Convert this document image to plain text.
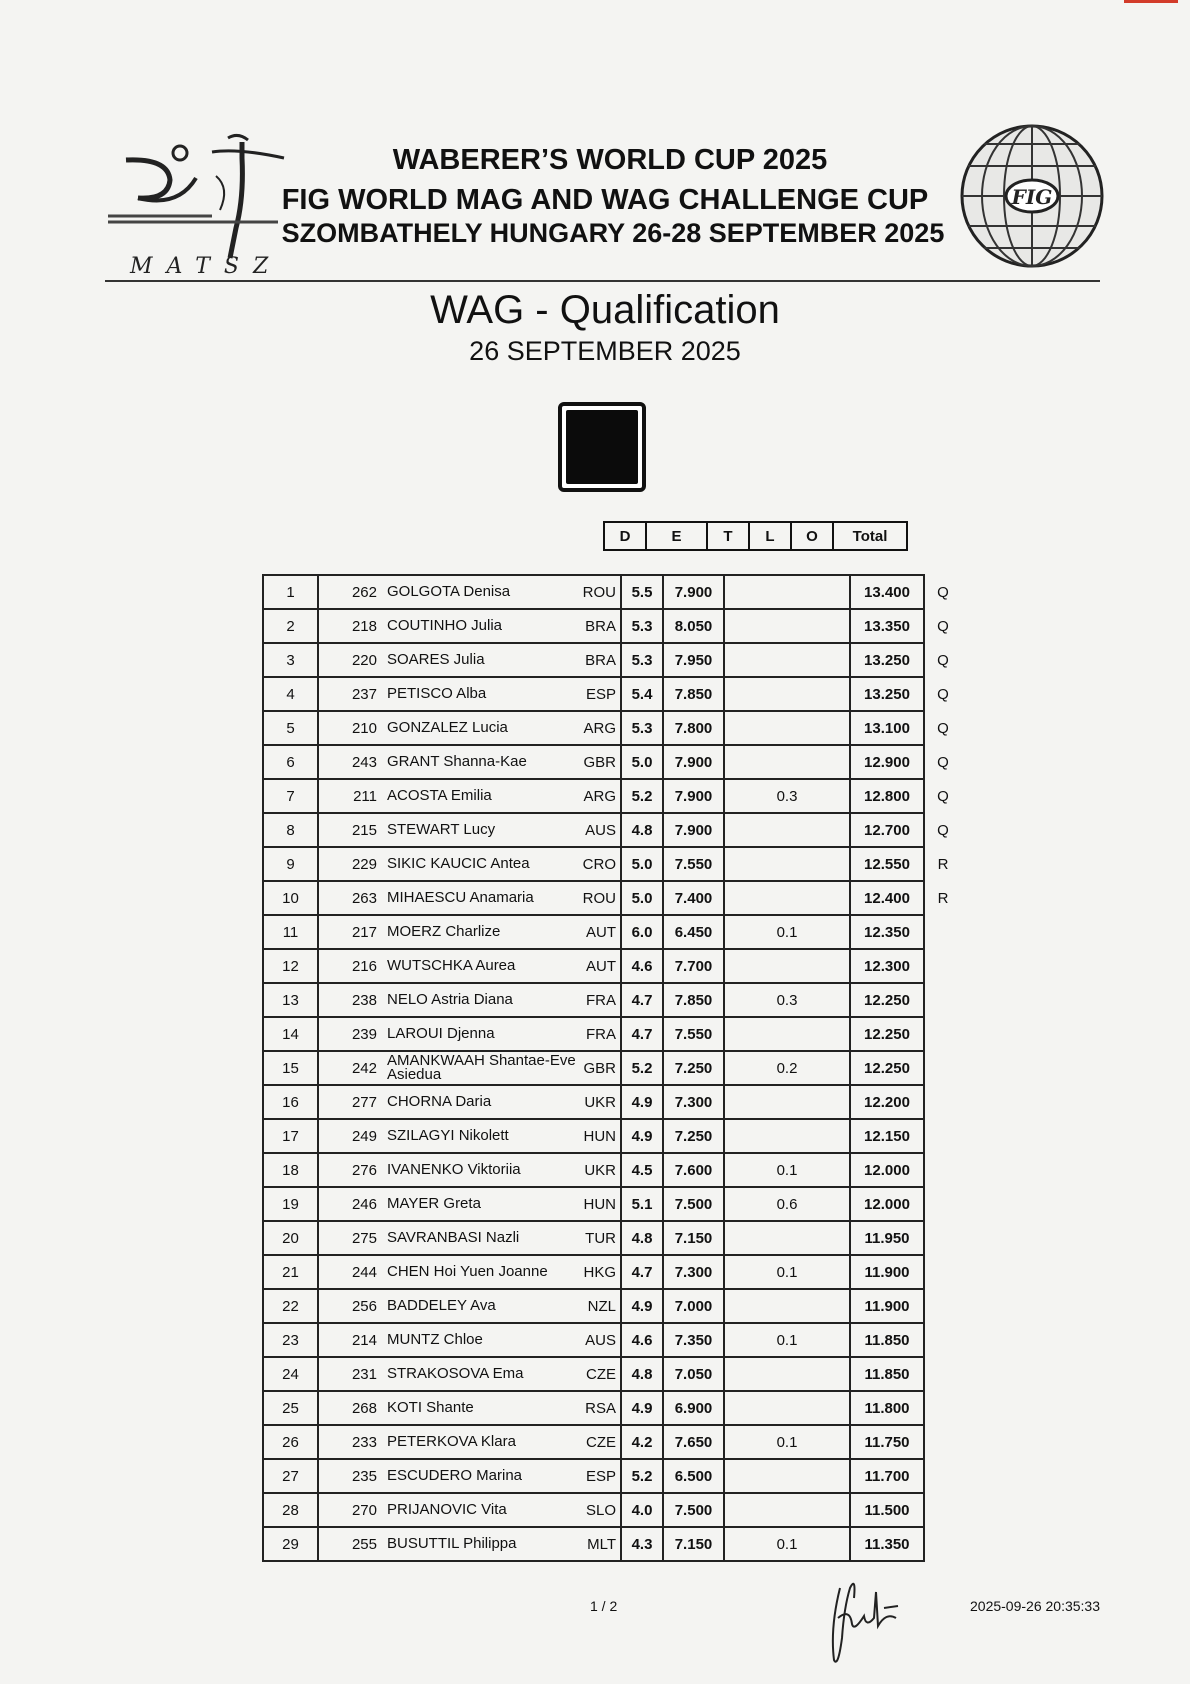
MATSZ
WABERER’S WORLD CUP 2025
FIG WORLD MAG AND WAG CHALLENGE CUP
SZOMBATHELY HUNGARY 26-28 SEPTEMBER 2025
FIG
WAG - Qualification
26 SEPTEMBER 2025
D	E	T	L	O	Total
1	262	GOLGOTA Denisa	ROU	5.5	7.900		13.400	Q
2	218	COUTINHO Julia	BRA	5.3	8.050		13.350	Q
3	220	SOARES Julia	BRA	5.3	7.950		13.250	Q
4	237	PETISCO Alba	ESP	5.4	7.850		13.250	Q
5	210	GONZALEZ Lucia	ARG	5.3	7.800		13.100	Q
6	243	GRANT Shanna-Kae	GBR	5.0	7.900		12.900	Q
7	211	ACOSTA Emilia	ARG	5.2	7.900	0.3	12.800	Q
8	215	STEWART Lucy	AUS	4.8	7.900		12.700	Q
9	229	SIKIC KAUCIC Antea	CRO	5.0	7.550		12.550	R
10	263	MIHAESCU Anamaria	ROU	5.0	7.400		12.400	R
11	217	MOERZ Charlize	AUT	6.0	6.450	0.1	12.350	
12	216	WUTSCHKA Aurea	AUT	4.6	7.700		12.300	
13	238	NELO Astria Diana	FRA	4.7	7.850	0.3	12.250	
14	239	LAROUI Djenna	FRA	4.7	7.550		12.250	
15	242	AMANKWAAH Shantae-Eve Asiedua	GBR	5.2	7.250	0.2	12.250	
16	277	CHORNA Daria	UKR	4.9	7.300		12.200	
17	249	SZILAGYI Nikolett	HUN	4.9	7.250		12.150	
18	276	IVANENKO Viktoriia	UKR	4.5	7.600	0.1	12.000	
19	246	MAYER Greta	HUN	5.1	7.500	0.6	12.000	
20	275	SAVRANBASI Nazli	TUR	4.8	7.150		11.950	
21	244	CHEN Hoi Yuen Joanne	HKG	4.7	7.300	0.1	11.900	
22	256	BADDELEY Ava	NZL	4.9	7.000		11.900	
23	214	MUNTZ Chloe	AUS	4.6	7.350	0.1	11.850	
24	231	STRAKOSOVA Ema	CZE	4.8	7.050		11.850	
25	268	KOTI Shante	RSA	4.9	6.900		11.800	
26	233	PETERKOVA Klara	CZE	4.2	7.650	0.1	11.750	
27	235	ESCUDERO Marina	ESP	5.2	6.500		11.700	
28	270	PRIJANOVIC Vita	SLO	4.0	7.500		11.500	
29	255	BUSUTTIL Philippa	MLT	4.3	7.150	0.1	11.350	
1 / 2	2025-09-26 20:35:33
